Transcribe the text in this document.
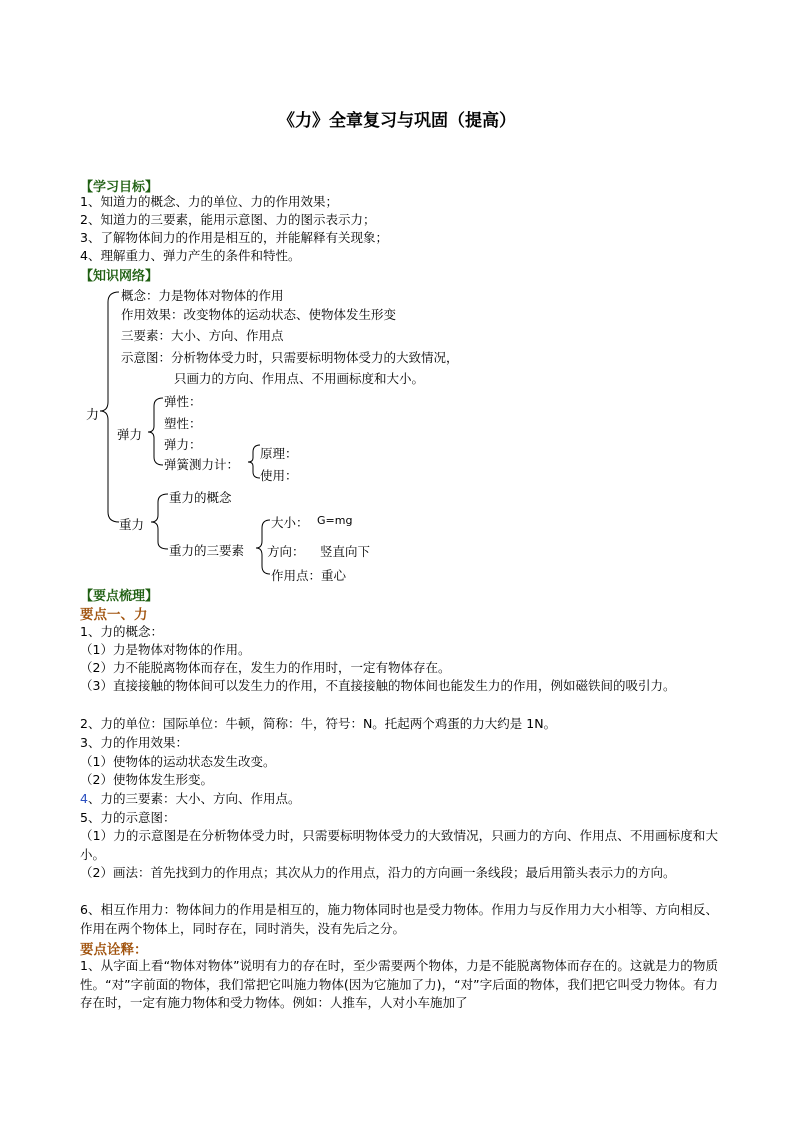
《力》全章复习与巩固（提高）
【学习目标】
1、知道力的概念、力的单位、力的作用效果；
2、知道力的三要素，能用示意图、力的图示表示力；
3、了解物体间力的作用是相互的，并能解释有关现象；
4、理解重力、弹力产生的条件和特性。
【知识网络】
力
概念：力是物体对物体的作用
作用效果：改变物体的运动状态、使物体发生形变
三要素：大小、方向、作用点
示意图：分析物体受力时，只需要标明物体受力的大致情况，
只画力的方向、作用点、不用画标度和大小。
弹力
弹性：
塑性：
弹力：
弹簧测力计：
原理：
使用：
重力
重力的概念
重力的三要素
大小： G=mg
方向： 竖直向下
作用点：重心
【要点梳理】
要点一、力
1、力的概念：
（1）力是物体对物体的作用。
（2）力不能脱离物体而存在，发生力的作用时，一定有物体存在。
（3）直接接触的物体间可以发生力的作用，不直接接触的物体间也能发生力的作用，例如磁铁间的吸引力。
2、力的单位：国际单位：牛顿，简称：牛，符号：N。托起两个鸡蛋的力大约是 1N。
3、力的作用效果：
（1）使物体的运动状态发生改变。
（2）使物体发生形变。
4、力的三要素：大小、方向、作用点。
5、力的示意图：
（1）力的示意图是在分析物体受力时，只需要标明物体受力的大致情况，只画力的方向、作用点、不用画标度和大小。
（2）画法：首先找到力的作用点；其次从力的作用点，沿力的方向画一条线段；最后用箭头表示力的方向。
6、相互作用力：物体间力的作用是相互的，施力物体同时也是受力物体。作用力与反作用力大小相等、方向相反、作用在两个物体上，同时存在，同时消失，没有先后之分。
要点诠释：
1、从字面上看“物体对物体”说明有力的存在时，至少需要两个物体，力是不能脱离物体而存在的。这就是力的物质性。“对”字前面的物体，我们常把它叫施力物体(因为它施加了力)，“对”字后面的物体，我们把它叫受力物体。有力存在时，一定有施力物体和受力物体。例如：人推车，人对小车施加了
